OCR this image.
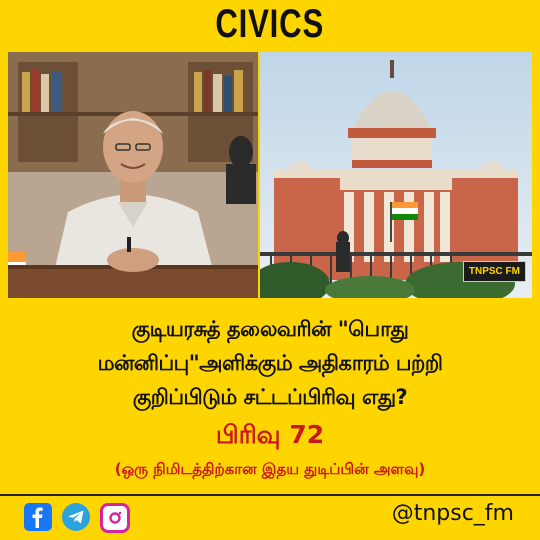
CIVICS
TNPSC FM
குடியரசுத் தலைவரின் "பொது
மன்னிப்பு"அளிக்கும் அதிகாரம் பற்றி
குறிப்பிடும் சட்டப்பிரிவு எது?
பிரிவு 72
(ஒரு நிமிடத்திற்கான இதய துடிப்பின் அளவு)
@tnpsc_fm
